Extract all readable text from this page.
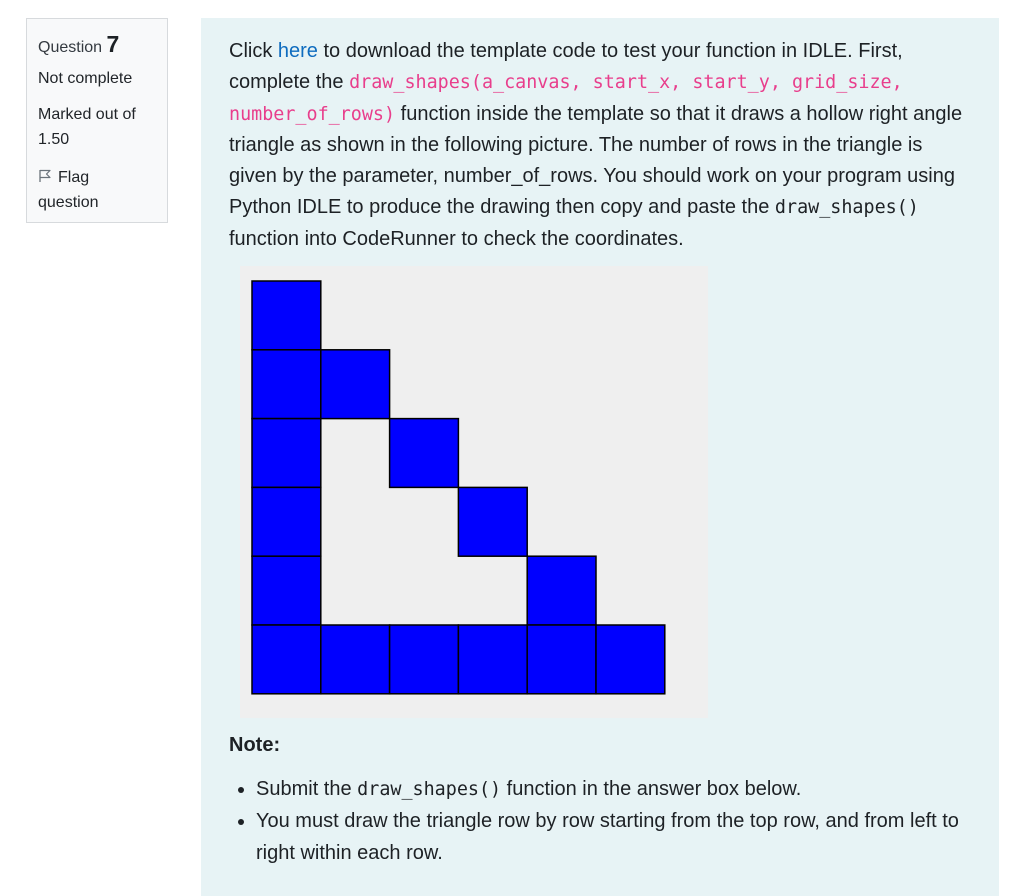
Question 7
Not complete
Marked out of
1.50
Flag
question
Click here to download the template code to test your function in IDLE. First, complete the draw_shapes(a_canvas, start_x, start_y, grid_size, number_of_rows) function inside the template so that it draws a hollow right angle triangle as shown in the following picture. The number of rows in the triangle is given by the parameter, number_of_rows. You should work on your program using Python IDLE to produce the drawing then copy and paste the draw_shapes() function into CodeRunner to check the coordinates.
Note:
• Submit the draw_shapes() function in the answer box below.
• You must draw the triangle row by row starting from the top row, and from left to right within each row.
